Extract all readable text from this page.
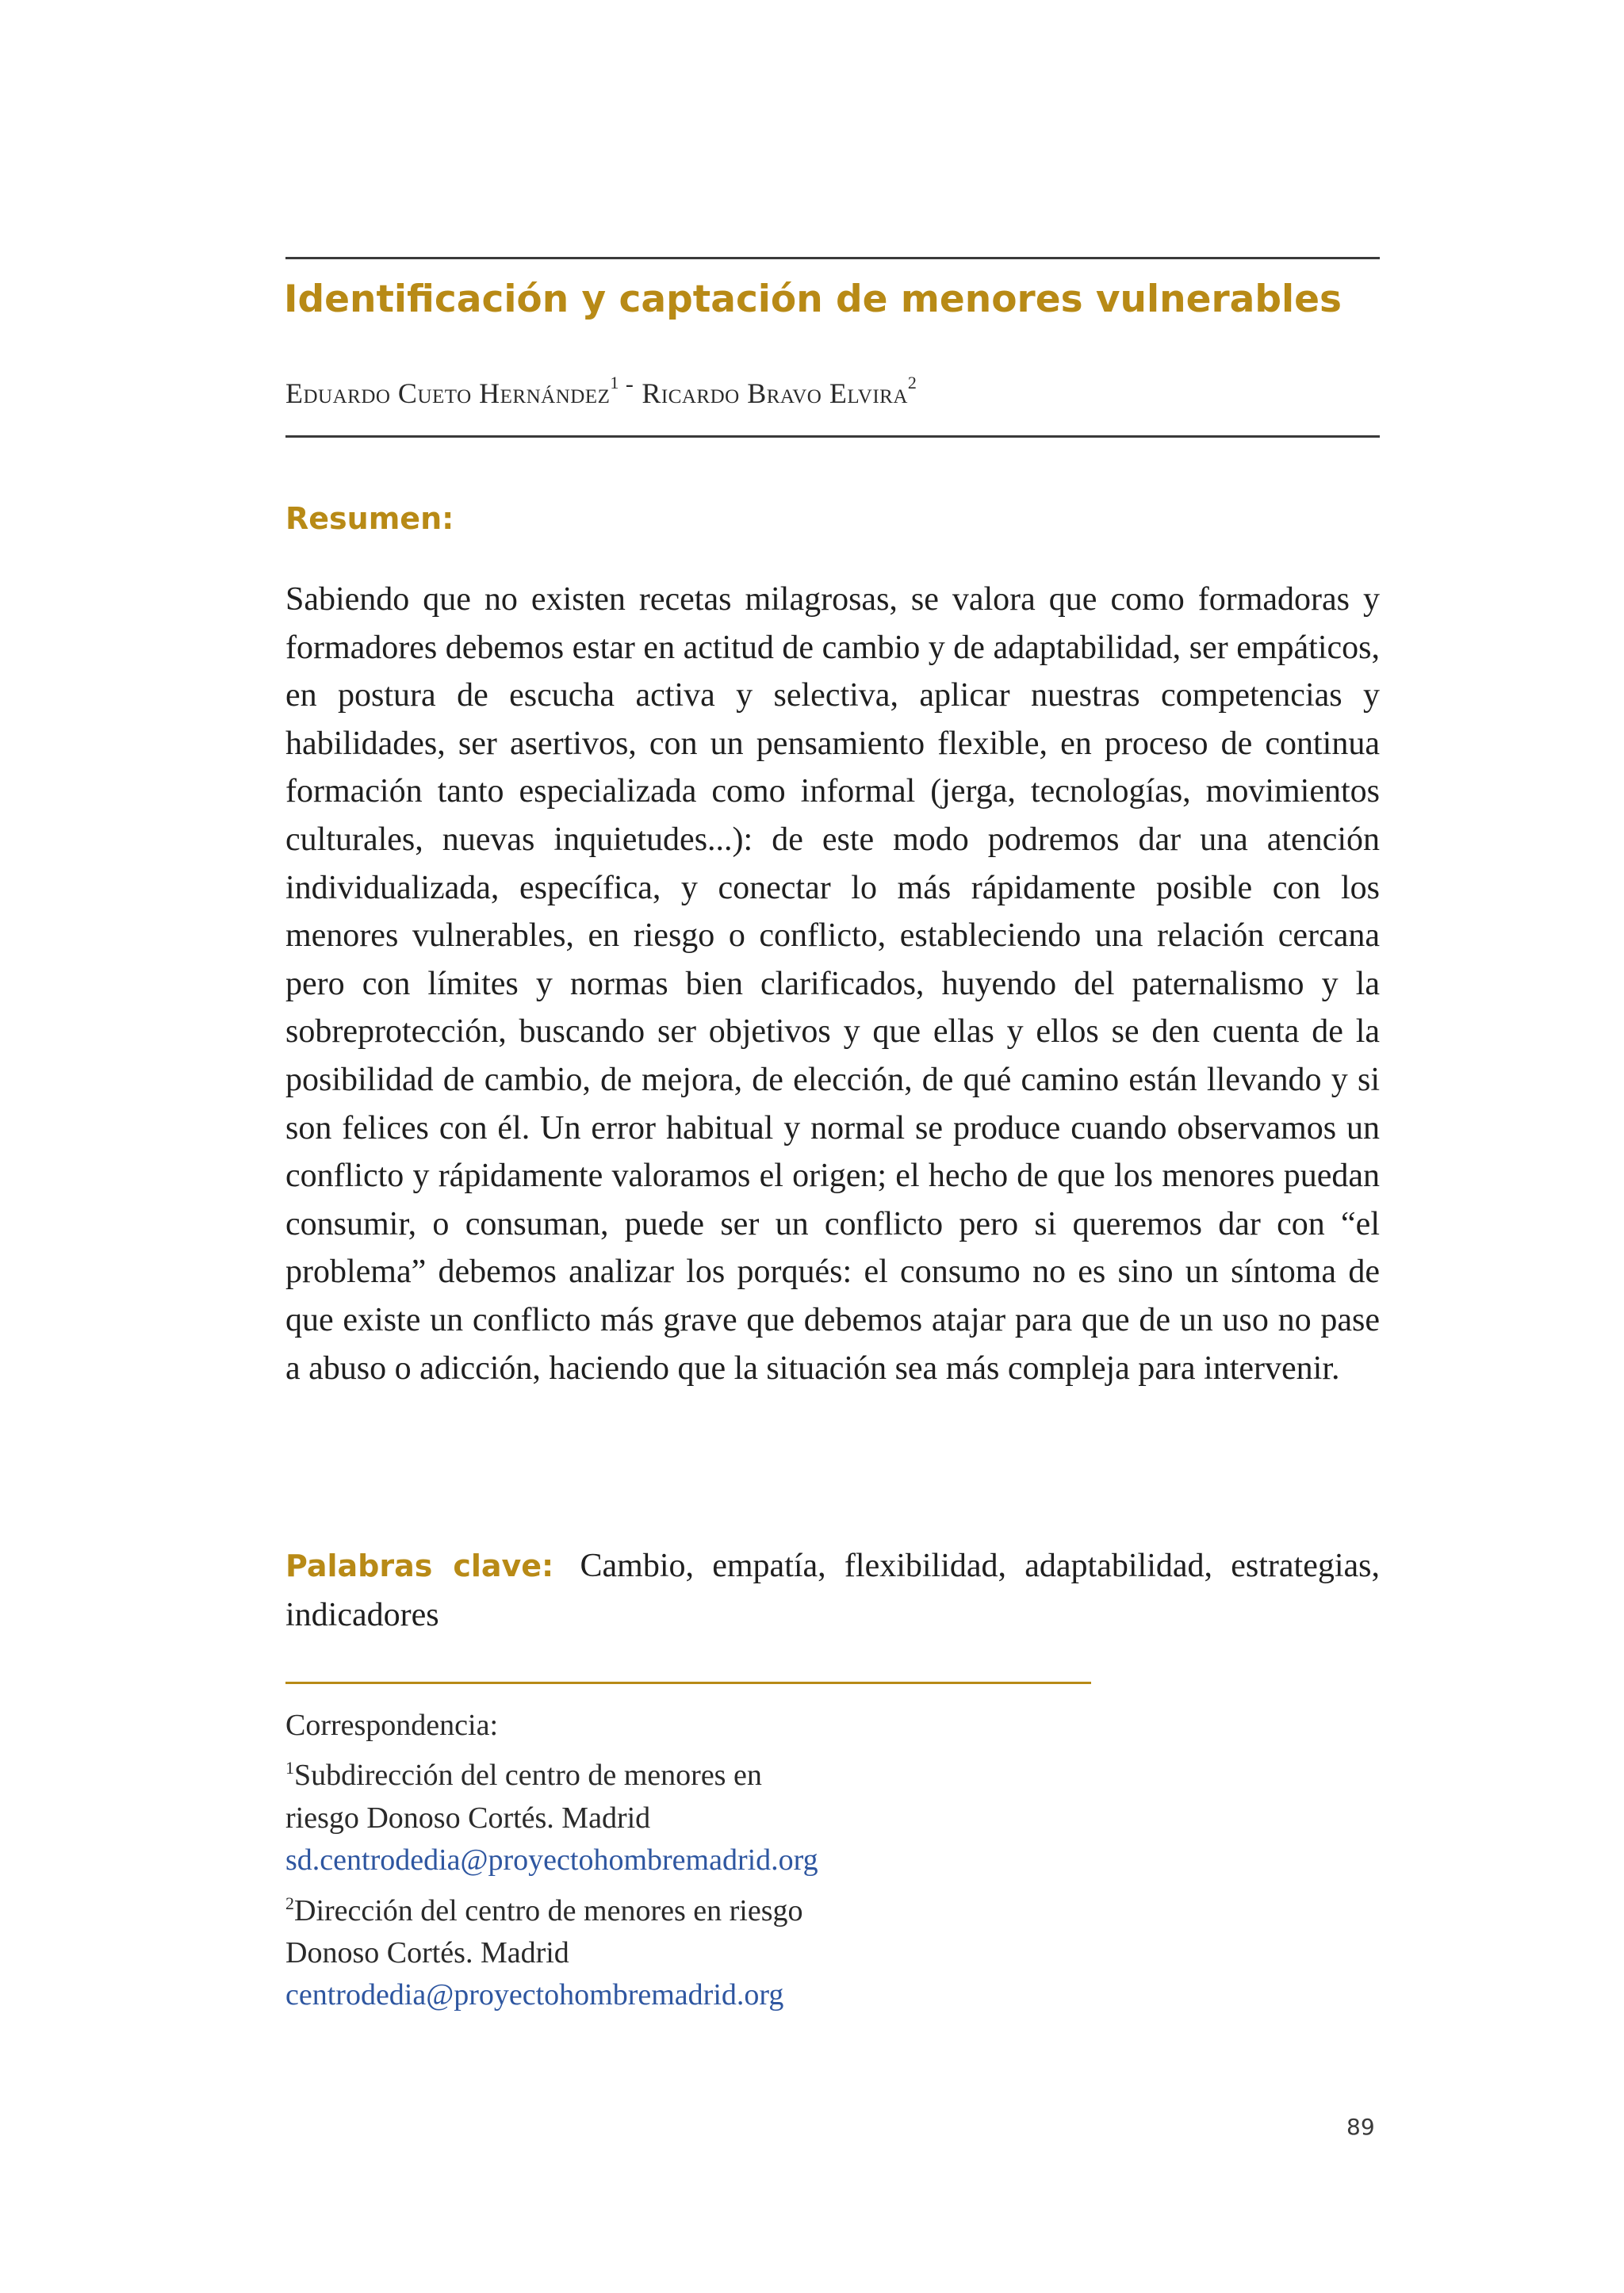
Identificación y captación de menores vulnerables
Eduardo Cueto Hernández$^1$ - Ricardo Bravo Elvira$^2$
Resumen:

Sabiendo que no existen recetas milagrosas, se valora que como formadoras y formadores debemos estar en actitud de cambio y de adaptabilidad, ser empáticos, en postura de escucha activa y selectiva, aplicar nuestras competencias y habilidades, ser asertivos, con un pensamiento flexible, en proceso de continua formación tanto especializada como informal (jerga, tecnologías, movimientos culturales, nuevas inquietudes...): de este modo podremos dar una atención individualizada, específica, y conectar lo más rápidamente posible con los menores vulnerables, en riesgo o conflicto, estableciendo una relación cercana pero con límites y normas bien clarificados, huyendo del paternalismo y la sobreprotección, buscando ser objetivos y que ellas y ellos se den cuenta de la posibilidad de cambio, de mejora, de elección, de qué camino están llevando y si son felices con él. Un error habitual y normal se produce cuando observamos un conflicto y rápidamente valoramos el origen; el hecho de que los menores puedan consumir, o consuman, puede ser un conflicto pero si queremos dar con “el problema” debemos analizar los porqués: el consumo no es sino un síntoma de que existe un conflicto más grave que debemos atajar para que de un uso no pase a abuso o adicción, haciendo que la situación sea más compleja para intervenir.

Palabras clave: Cambio, empatía, flexibilidad, adaptabilidad, estrategias, indicadores

Correspondencia:
$^1$Subdirección del centro de menores en
riesgo Donoso Cortés. Madrid
sd.centrodedia@proyectohombremadrid.org
$^2$Dirección del centro de menores en riesgo
Donoso Cortés. Madrid
centrodedia@proyectohombremadrid.org
89
